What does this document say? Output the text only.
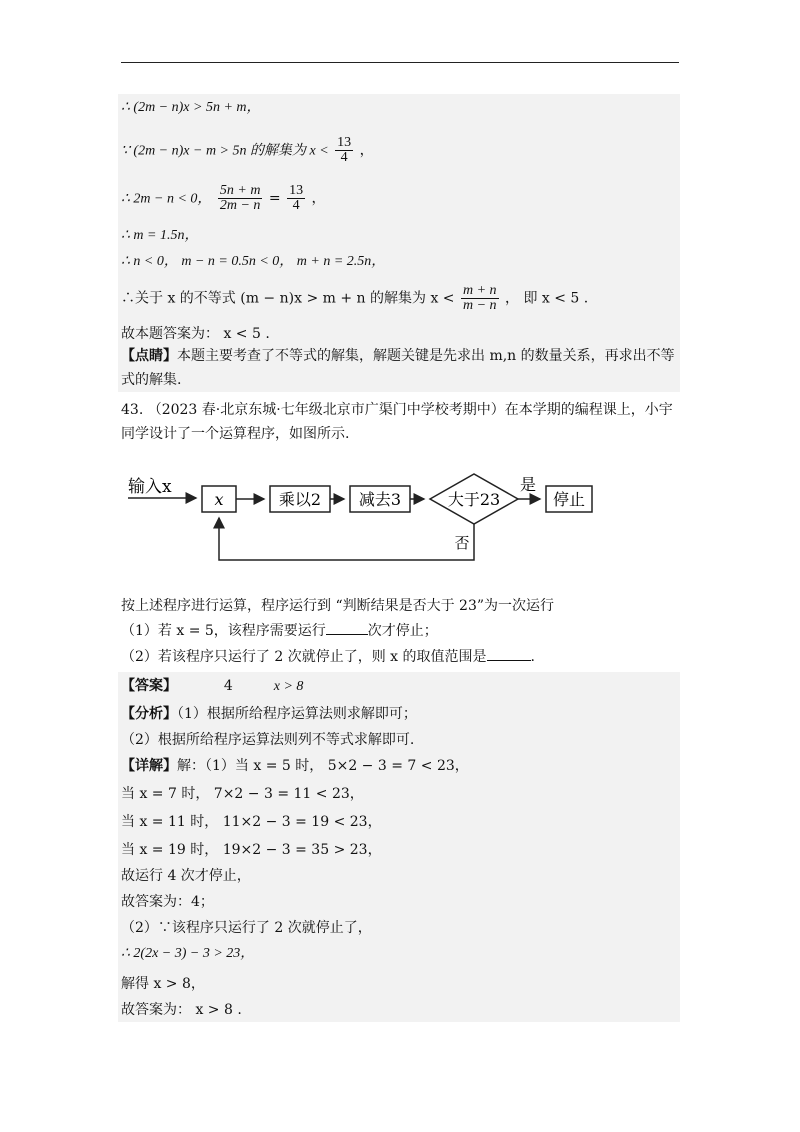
∴ (2m − n)x > 5n + m，
∵ (2m − n)x − m > 5n 的解集为 $x < \frac{13}{4}$ ，
∴ 2m − n < 0， $\frac{5n + m}{2m - n} = \frac{13}{4}$ ，
∴ m = 1.5n，
∴ n < 0， m − n = 0.5n < 0， m + n = 2.5n，
∴关于 x 的不等式 (m − n)x > m + n 的解集为 $x < \frac{m + n}{m - n}$ ， 即 x < 5 .
故本题答案为： x < 5 .
【点睛】本题主要考查了不等式的解集，解题关键是先求出 m,n 的数量关系，再求出不等
式的解集.
43. （2023 春·北京东城·七年级北京市广渠门中学校考期中）在本学期的编程课上，小宇
同学设计了一个运算程序，如图所示.
输入x
x	乘以2 减去3	大于23
是
停止
否
按上述程序进行运算，程序运行到 “判断结果是否大于 23”为一次运行
（1）若 x = 5，该程序需要运行	次才停止；
（2）若该程序只运行了 2 次就停止了，则 x 的取值范围是	.
【答案】	4	x > 8
【分析】（1）根据所给程序运算法则求解即可；
（2）根据所给程序运算法则列不等式求解即可.
【详解】解：（1）当 x = 5 时， 5×2 − 3 = 7 < 23，
当 x = 7 时， 7×2 − 3 = 11 < 23，
当 x = 11 时， 11×2 − 3 = 19 < 23，
当 x = 19 时， 19×2 − 3 = 35 > 23，
故运行 4 次才停止，
故答案为：4；
（2）∵该程序只运行了 2 次就停止了，
∴ 2(2x − 3) − 3 > 23，
解得 x > 8，
故答案为： x > 8 .
